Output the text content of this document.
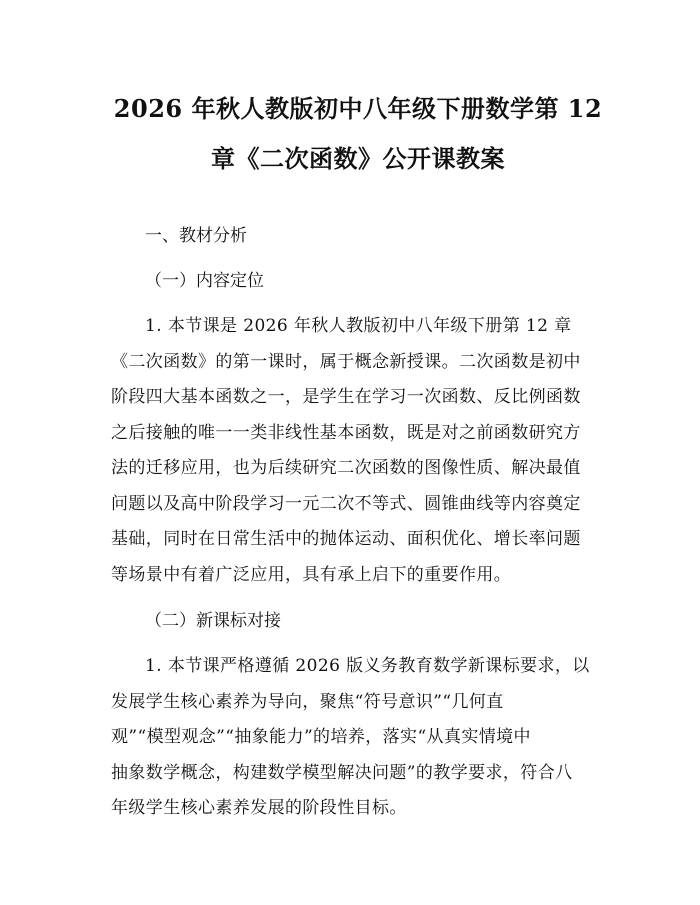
2026 年秋人教版初中八年级下册数学第 12
章《二次函数》公开课教案

一、教材分析

（一）内容定位

1. 本节课是 2026 年秋人教版初中八年级下册第 12 章
《二次函数》的第一课时，属于概念新授课。二次函数是初中
阶段四大基本函数之一，是学生在学习一次函数、反比例函数
之后接触的唯一一类非线性基本函数，既是对之前函数研究方
法的迁移应用，也为后续研究二次函数的图像性质、解决最值
问题以及高中阶段学习一元二次不等式、圆锥曲线等内容奠定
基础，同时在日常生活中的抛体运动、面积优化、增长率问题
等场景中有着广泛应用，具有承上启下的重要作用。

（二）新课标对接

1. 本节课严格遵循 2026 版义务教育数学新课标要求，以
发展学生核心素养为导向，聚焦“符号意识”“几何直
观”“模型观念”“抽象能力”的培养，落实“从真实情境中
抽象数学概念，构建数学模型解决问题”的教学要求，符合八
年级学生核心素养发展的阶段性目标。
